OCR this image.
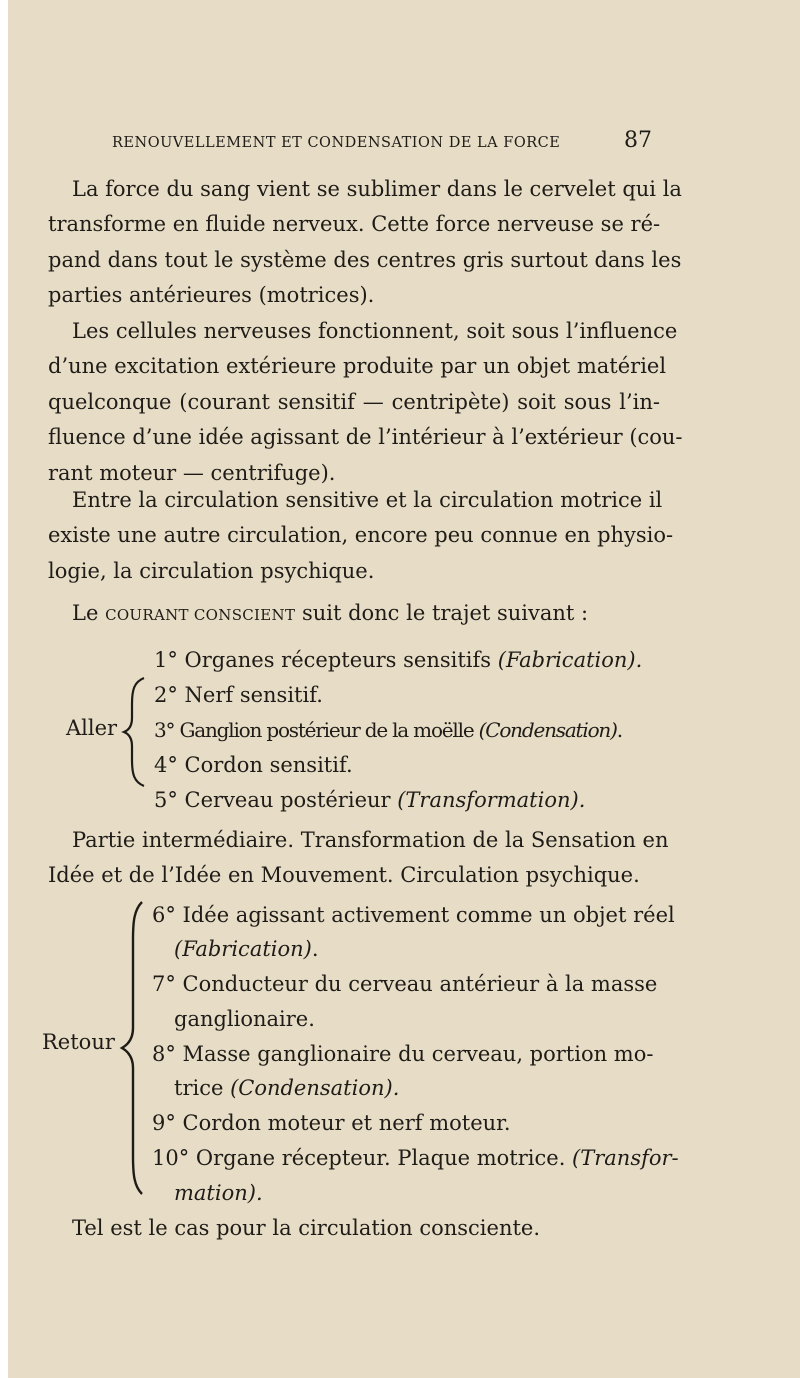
RENOUVELLEMENT ET CONDENSATION DE LA FORCE	87
La force du sang vient se sublimer dans le cervelet qui la
transforme en fluide nerveux. Cette force nerveuse se ré-
pand dans tout le système des centres gris surtout dans les
parties antérieures (motrices).
Les cellules nerveuses fonctionnent, soit sous l’influence
d’une excitation extérieure produite par un objet matériel
quelconque (courant sensitif — centripète) soit sous l’in-
fluence d’une idée agissant de l’intérieur à l’extérieur (cou-
rant moteur — centrifuge).
Entre la circulation sensitive et la circulation motrice il
existe une autre circulation, encore peu connue en physio-
logie, la circulation psychique.
Le COURANT CONSCIENT suit donc le trajet suivant :
Aller
1° Organes récepteurs sensitifs (Fabrication).
2° Nerf sensitif.
3° Ganglion postérieur de la moëlle (Condensation).
4° Cordon sensitif.
5° Cerveau postérieur (Transformation).
Partie intermédiaire. Transformation de la Sensation en
Idée et de l’Idée en Mouvement. Circulation psychique.
Retour
6° Idée agissant activement comme un objet réel
(Fabrication).
7° Conducteur du cerveau antérieur à la masse
ganglionaire.
8° Masse ganglionaire du cerveau, portion mo-
trice (Condensation).
9° Cordon moteur et nerf moteur.
10° Organe récepteur. Plaque motrice. (Transfor-
mation).
Tel est le cas pour la circulation consciente.
